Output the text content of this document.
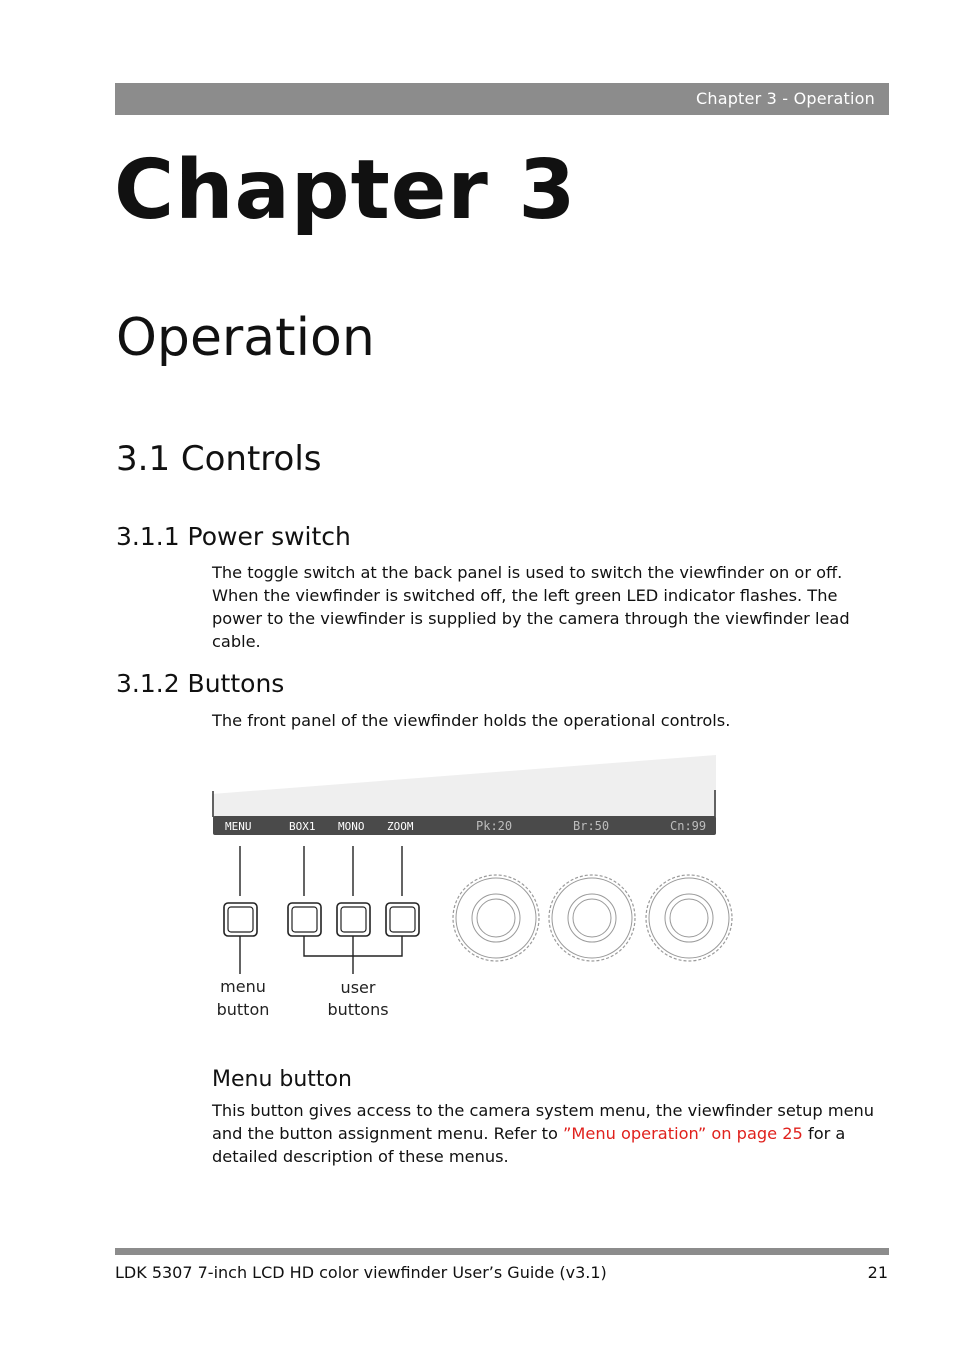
Chapter 3 - Operation
Chapter 3
Operation
3.1 Controls
3.1.1 Power switch

The toggle switch at the back panel is used to switch the viewfinder on or off. When the viewfinder is switched off, the left green LED indicator flashes. The power to the viewfinder is supplied by the camera through the viewfinder lead cable.

3.1.2 Buttons

The front panel of the viewfinder holds the operational controls.

MENU	BOX1 MONO ZOOM	Pk:20	Br:50	Cn:99
menu
button
user
buttons
Menu button

This button gives access to the camera system menu, the viewfinder setup menu and the button assignment menu. Refer to ”Menu operation” on page 25 for a detailed description of these menus.

LDK 5307 7-inch LCD HD color viewfinder User’s Guide (v3.1)	21
